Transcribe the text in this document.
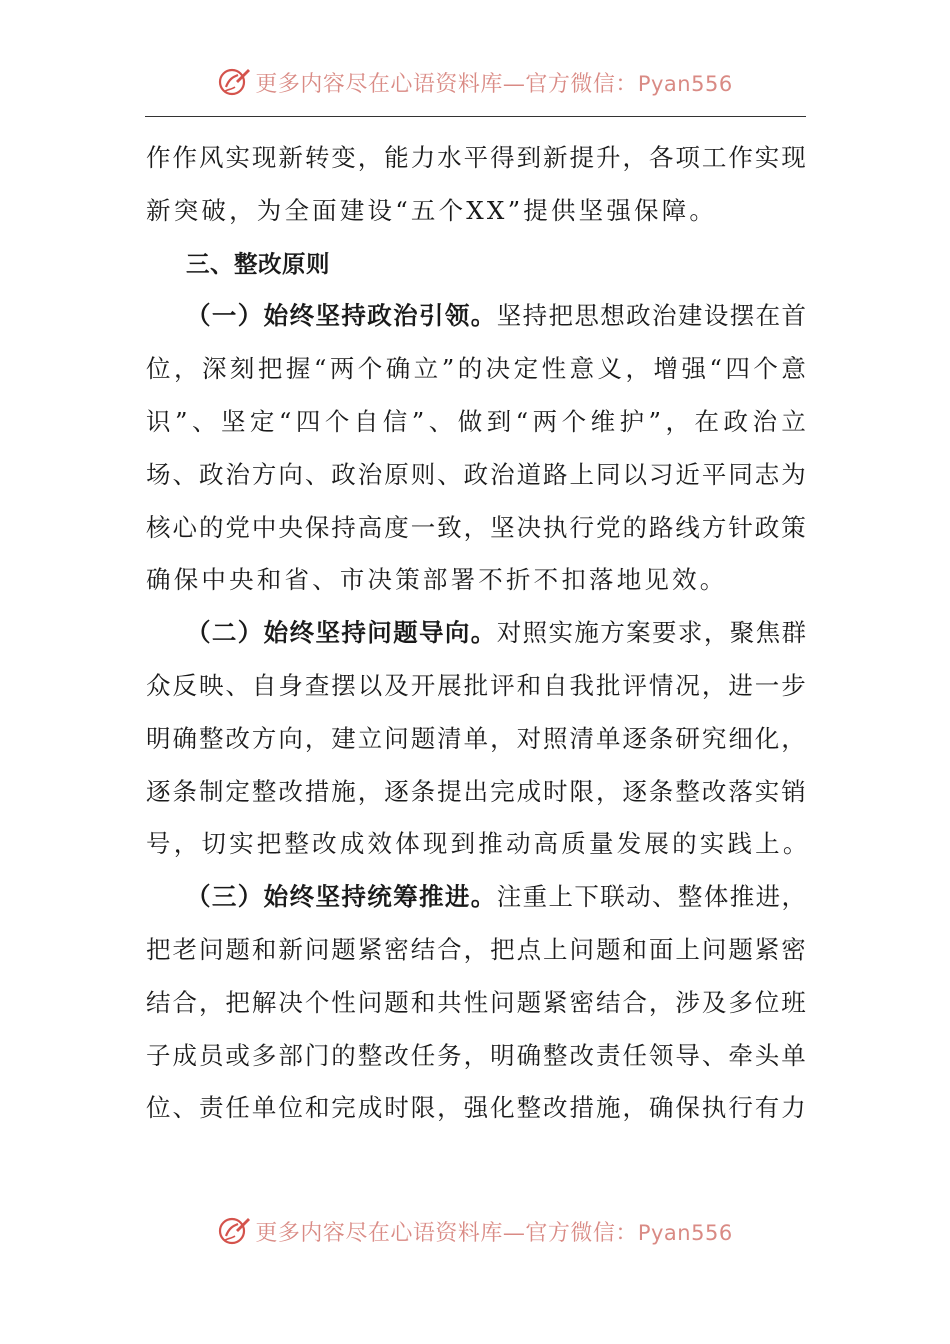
更多内容尽在心语资料库—官方微信：Pyan556
作 作 风 实 现 新 转 变 ， 能 力 水 平 得 到 新 提 升 ， 各 项 工 作 实 现
新 突 破 ， 为 全 面 建 设 “ 五 个 X X ” 提 供 坚 强 保 障 。
三、整改原则
（ 一 ） 始 终 坚 持 政 治 引 领 。 坚 持 把 思 想 政 治 建 设 摆 在 首
位 ， 深 刻 把 握 “ 两 个 确 立 ” 的 决 定 性 意 义 ， 增 强 “ 四 个 意
识 ” 、 坚 定 “ 四 个 自 信 ” 、 做 到 “ 两 个 维 护 ” ， 在 政 治 立
场 、 政 治 方 向 、 政 治 原 则 、 政 治 道 路 上 同 以 习 近 平 同 志 为
核 心 的 党 中 央 保 持 高 度 一 致 ， 坚 决 执 行 党 的 路 线 方 针 政 策
确 保 中 央 和 省 、 市 决 策 部 署 不 折 不 扣 落 地 见 效 。
（ 二 ） 始 终 坚 持 问 题 导 向 。 对 照 实 施 方 案 要 求 ， 聚 焦 群
众 反 映 、 自 身 查 摆 以 及 开 展 批 评 和 自 我 批 评 情 况 ， 进 一 步
明 确 整 改 方 向 ， 建 立 问 题 清 单 ， 对 照 清 单 逐 条 研 究 细 化 ，
逐 条 制 定 整 改 措 施 ， 逐 条 提 出 完 成 时 限 ， 逐 条 整 改 落 实 销
号 ， 切 实 把 整 改 成 效 体 现 到 推 动 高 质 量 发 展 的 实 践 上 。
（ 三 ） 始 终 坚 持 统 筹 推 进 。 注 重 上 下 联 动 、 整 体 推 进 ，
把 老 问 题 和 新 问 题 紧 密 结 合 ， 把 点 上 问 题 和 面 上 问 题 紧 密
结 合 ， 把 解 决 个 性 问 题 和 共 性 问 题 紧 密 结 合 ， 涉 及 多 位 班
子 成 员 或 多 部 门 的 整 改 任 务 ， 明 确 整 改 责 任 领 导 、 牵 头 单
位 、 责 任 单 位 和 完 成 时 限 ， 强 化 整 改 措 施 ， 确 保 执 行 有 力
更多内容尽在心语资料库—官方微信：Pyan556
